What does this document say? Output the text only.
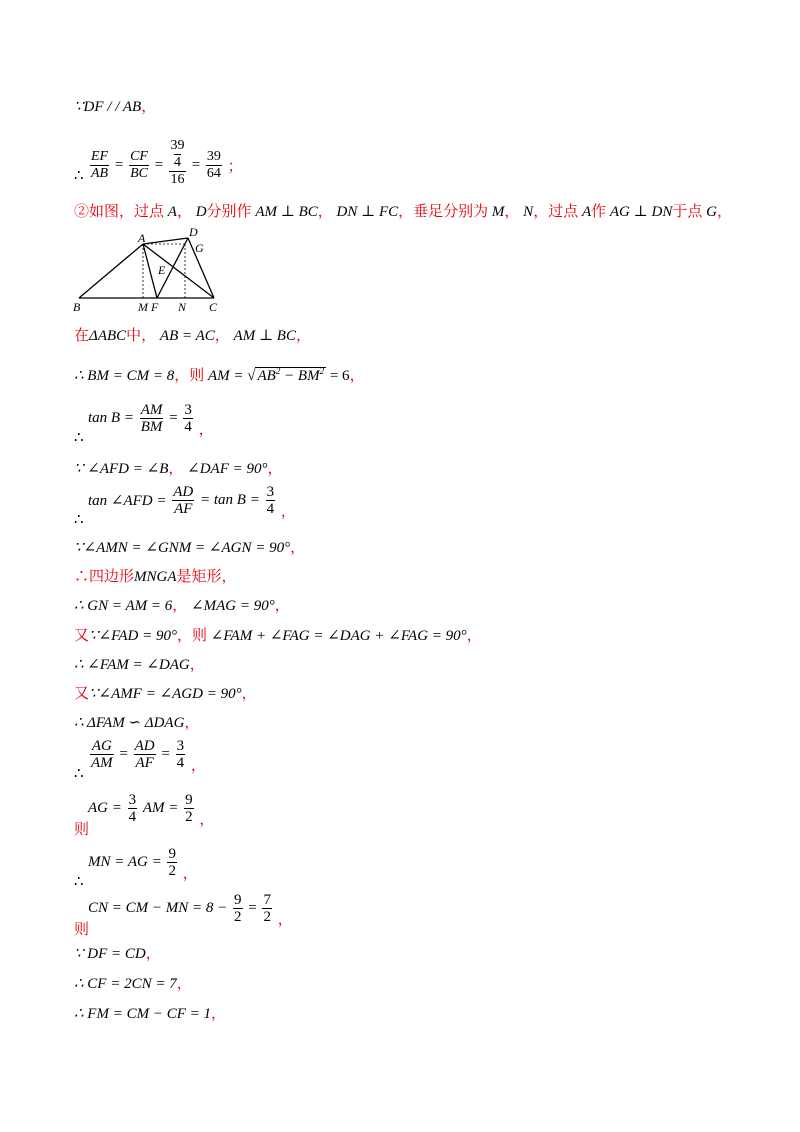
∵DF / / AB，
∴ $\frac{EF}{AB} = \frac{CF}{BC} = 39$
4
$16 = \frac{39}{64}$ ；
②如图，过点 A， D分别作 AM ⊥ BC， DN ⊥ FC，垂足分别为 M， N，过点 A作 AG ⊥ DN于点 G，
A	D
G
E
B	M F N C
在ΔABC中， AB = AC， AM ⊥ BC，
∴ BM = CM = 8，则 AM = √ $AB^2 - BM^2 = 6$，
∴
$\tan B = \frac{AM}{BM} = \frac{3}{4}$ ，
∵ ∠AFD = ∠B， ∠DAF = 90°，
∴
tan ∠AFD = $\frac{AD}{AF} = \tan B = \frac{3}{4}$ ，
∵∠AMN = ∠GNM = ∠AGN = 90°，
∴四边形MNGA是矩形，
∴ GN = AM = 6， ∠MAG = 90°，
又∵∠FAD = 90°，则 ∠FAM + ∠FAG = ∠DAG + ∠FAG = 90°，
∴ ∠FAM = ∠DAG，
又∵∠AMF = ∠AGD = 90°，
∴ ΔFAM ∽ ΔDAG，
∴
$\frac{AG}{AM} = \frac{AD}{AF} = \frac{3}{4}$ ，
则
AG = $\frac{3}{4}$ AM = $\frac{9}{2}$ ，
∴
MN = AG = $\frac{9}{2}$ ，
则
CN = CM − MN = $8 - \frac{9}{2} = \frac{7}{2}$ ，
∵ DF = CD，
∴ CF = 2CN = 7，
∴ FM = CM − CF = 1，
